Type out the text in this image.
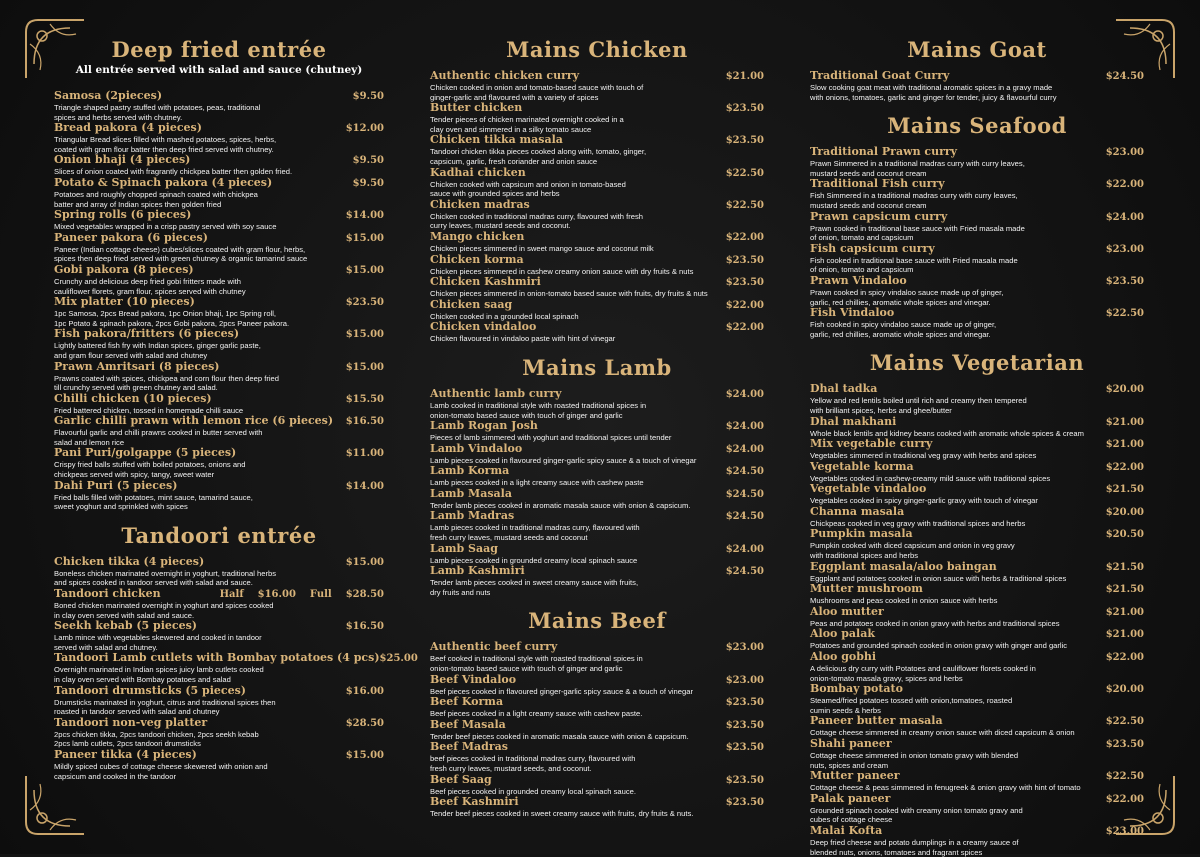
Deep fried entrée

All entrée served with salad and sauce (chutney)

Samosa (2pieces)	$9.50
Triangle shaped pastry stuffed with potatoes, peas, traditional
spices and herbs served with chutney.
Bread pakora (4 pieces)	$12.00
Triangular Bread slices filled with mashed potatoes, spices, herbs,
coated with gram flour batter then deep fried served with chutney.
Onion bhaji (4 pieces)	$9.50
Slices of onion coated with fragrantly chickpea batter then golden fried.
Potato & Spinach pakora (4 pieces)	$9.50
Potatoes and roughly chopped spinach coated with chickpea
batter and array of Indian spices then golden fried
Spring rolls (6 pieces)	$14.00
Mixed vegetables wrapped in a crisp pastry served with soy sauce
Paneer pakora (6 pieces)	$15.00
Paneer (Indian cottage cheese) cubes/slices coated with gram flour, herbs,
spices then deep fried served with green chutney & organic tamarind sauce
Gobi pakora (8 pieces)	$15.00
Crunchy and delicious deep fried gobi fritters made with
cauliflower florets, gram flour, spices served with chutney
Mix platter (10 pieces)	$23.50
1pc Samosa, 2pcs Bread pakora, 1pc Onion bhaji, 1pc Spring roll,
1pc Potato & spinach pakora, 2pcs Gobi pakora, 2pcs Paneer pakora.
Fish pakora/fritters (6 pieces)	$15.00
Lightly battered fish fry with Indian spices, ginger garlic paste,
and gram flour served with salad and chutney
Prawn Amritsari (8 pieces)	$15.00
Prawns coated with spices, chickpea and corn flour then deep fried
till crunchy served with green chutney and salad.
Chilli chicken (10 pieces)	$15.50
Fried battered chicken, tossed in homemade chilli sauce
Garlic chilli prawn with lemon rice (6 pieces) $16.50
Flavourful garlic and chilli prawns cooked in butter served with
salad and lemon rice
Pani Puri/golgappe (5 pieces)	$11.00
Crispy fried balls stuffed with boiled potatoes, onions and
chickpeas served with spicy, tangy, sweet water
Dahi Puri (5 pieces)	$14.00
Fried balls filled with potatoes, mint sauce, tamarind sauce,
sweet yoghurt and sprinkled with spices
Tandoori entrée
Chicken tikka (4 pieces)	$15.00
Boneless chicken marinated overnight in yoghurt, traditional herbs
and spices cooked in tandoor served with salad and sauce.
Tandoori chicken	Half $16.00 Full $28.50
Boned chicken marinated overnight in yoghurt and spices cooked
in clay oven served with salad and sauce.
Seekh kebab (5 pieces)	$16.50
Lamb mince with vegetables skewered and cooked in tandoor
served with salad and chutney.
Tandoori Lamb cutlets with Bombay potatoes (4 pcs) $25.00
Overnight marinated in Indian spices juicy lamb cutlets cooked
in clay oven served with Bombay potatoes and salad
Tandoori drumsticks (5 pieces)	$16.00
Drumsticks marinated in yoghurt, citrus and traditional spices then
roasted in tandoor served with salad and chutney
Tandoori non-veg platter	$28.50
2pcs chicken tikka, 2pcs tandoori chicken, 2pcs seekh kebab
2pcs lamb cutlets, 2pcs tandoori drumsticks
Paneer tikka (4 pieces)	$15.00
Mildly spiced cubes of cottage cheese skewered with onion and
capsicum and cooked in the tandoor
Mains Chicken
Authentic chicken curry	$21.00
Chicken cooked in onion and tomato-based sauce with touch of
ginger-garlic and flavoured with a variety of spices
Butter chicken	$23.50
Tender pieces of chicken marinated overnight cooked in a
clay oven and simmered in a silky tomato sauce
Chicken tikka masala	$23.50
Tandoori chicken tikka pieces cooked along with, tomato, ginger,
capsicum, garlic, fresh coriander and onion sauce
Kadhai chicken	$22.50
Chicken cooked with capsicum and onion in tomato-based
sauce with grounded spices and herbs
Chicken madras	$22.50
Chicken cooked in traditional madras curry, flavoured with fresh
curry leaves, mustard seeds and coconut.
Mango chicken	$22.00
Chicken pieces simmered in sweet mango sauce and coconut milk
Chicken korma	$23.50
Chicken pieces simmered in cashew creamy onion sauce with dry fruits & nuts
Chicken Kashmiri	$23.50
Chicken pieces simmered in onion-tomato based sauce with fruits, dry fruits & nuts
Chicken saag	$22.00
Chicken cooked in a grounded local spinach
Chicken vindaloo	$22.00
Chicken flavoured in vindaloo paste with hint of vinegar
Mains Lamb
Authentic lamb curry	$24.00
Lamb cooked in traditional style with roasted traditional spices in
onion-tomato based sauce with touch of ginger and garlic
Lamb Rogan Josh	$24.00
Pieces of lamb simmered with yoghurt and traditional spices until tender
Lamb Vindaloo	$24.00
Lamb pieces cooked in flavoured ginger-garlic spicy sauce & a touch of vinegar
Lamb Korma	$24.50
Lamb pieces cooked in a light creamy sauce with cashew paste
Lamb Masala	$24.50
Tender lamb pieces cooked in aromatic masala sauce with onion & capsicum.
Lamb Madras	$24.50
Lamb pieces cooked in traditional madras curry, flavoured with
fresh curry leaves, mustard seeds and coconut
Lamb Saag	$24.00
Lamb pieces cooked in grounded creamy local spinach sauce
Lamb Kashmiri	$24.50
Tender lamb pieces cooked in sweet creamy sauce with fruits,
dry fruits and nuts
Mains Beef
Authentic beef curry	$23.00
Beef cooked in traditional style with roasted traditional spices in
onion-tomato based sauce with touch of ginger and garlic
Beef Vindaloo	$23.00
Beef pieces cooked in flavoured ginger-garlic spicy sauce & a touch of vinegar
Beef Korma	$23.50
Beef pieces cooked in a light creamy sauce with cashew paste.
Beef Masala	$23.50
Tender beef pieces cooked in aromatic masala sauce with onion & capsicum.
Beef Madras	$23.50
beef pieces cooked in traditional madras curry, flavoured with
fresh curry leaves, mustard seeds, and coconut.
Beef Saag	$23.50
Beef pieces cooked in grounded creamy local spinach sauce.
Beef Kashmiri	$23.50
Tender beef pieces cooked in sweet creamy sauce with fruits, dry fruits & nuts.
Mains Goat
Traditional Goat Curry	$24.50
Slow cooking goat meat with traditional aromatic spices in a gravy made
with onions, tomatoes, garlic and ginger for tender, juicy & flavourful curry
Mains Seafood
Traditional Prawn curry	$23.00
Prawn Simmered in a traditional madras curry with curry leaves,
mustard seeds and coconut cream
Traditional Fish curry	$22.00
Fish Simmered in a traditional madras curry with curry leaves,
mustard seeds and coconut cream
Prawn capsicum curry	$24.00
Prawn cooked in traditional base sauce with Fried masala made
of onion, tomato and capsicum
Fish capsicum curry	$23.00
Fish cooked in traditional base sauce with Fried masala made
of onion, tomato and capsicum
Prawn Vindaloo	$23.50
Prawn cooked in spicy vindaloo sauce made up of ginger,
garlic, red chillies, aromatic whole spices and vinegar.
Fish Vindaloo	$22.50
Fish cooked in spicy vindaloo sauce made up of ginger,
garlic, red chillies, aromatic whole spices and vinegar.
Mains Vegetarian
Dhal tadka	$20.00
Yellow and red lentils boiled until rich and creamy then tempered
with brilliant spices, herbs and ghee/butter
Dhal makhani	$21.00
Whole black lentils and kidney beans cooked with aromatic whole spices & cream
Mix vegetable curry	$21.00
Vegetables simmered in traditional veg gravy with herbs and spices
Vegetable korma	$22.00
Vegetables cooked in cashew-creamy mild sauce with traditional spices
Vegetable vindaloo	$21.50
Vegetables cooked in spicy ginger-garlic gravy with touch of vinegar
Channa masala	$20.00
Chickpeas cooked in veg gravy with traditional spices and herbs
Pumpkin masala	$20.50
Pumpkin cooked with diced capsicum and onion in veg gravy
with traditional spices and herbs
Eggplant masala/aloo baingan	$21.50
Eggplant and potatoes cooked in onion sauce with herbs & traditional spices
Mutter mushroom	$21.50
Mushrooms and peas cooked in onion sauce with herbs
Aloo mutter	$21.00
Peas and potatoes cooked in onion gravy with herbs and traditional spices
Aloo palak	$21.00
Potatoes and grounded spinach cooked in onion gravy with ginger and garlic
Aloo gobhi	$22.00
A delicious dry curry with Potatoes and cauliflower florets cooked in
onion-tomato masala gravy, spices and herbs
Bombay potato	$20.00
Steamed/fried potatoes tossed with onion,tomatoes, roasted
cumin seeds & herbs
Paneer butter masala	$22.50
Cottage cheese simmered in creamy onion sauce with diced capsicum & onion
Shahi paneer	$23.50
Cottage cheese simmered in onion tomato gravy with blended
nuts, spices and cream
Mutter paneer	$22.50
Cottage cheese & peas simmered in fenugreek & onion gravy with hint of tomato
Palak paneer	$22.00
Grounded spinach cooked with creamy onion tomato gravy and
cubes of cottage cheese
Malai Kofta	$23.00
Deep fried cheese and potato dumplings in a creamy sauce of
blended nuts, onions, tomatoes and fragrant spices
